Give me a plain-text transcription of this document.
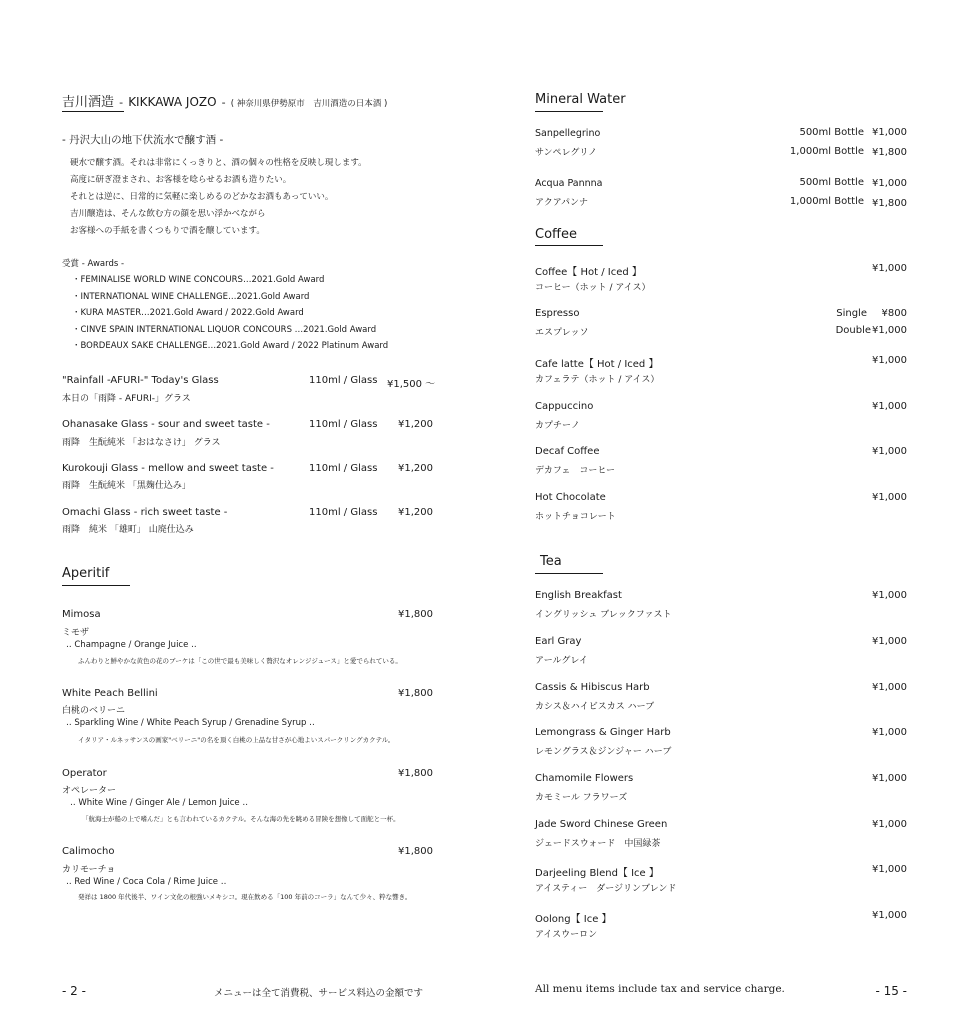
吉川酒造 - KIKKAWA JOZO - ( 神奈川県伊勢原市　吉川酒造の日本酒 )
- 丹沢大山の地下伏流水で醸す酒 -
硬水で醸す酒。それは非常にくっきりと、酒の個々の性格を反映し現します。
高度に研ぎ澄まされ、お客様を唸らせるお酒も造りたい。
それとは逆に、日常的に気軽に楽しめるのどかなお酒もあっていい。
吉川醸造は、そんな飲む方の顔を思い浮かべながら
お客様への手紙を書くつもりで酒を醸しています。
受賞 - Awards -
・FEMINALISE WORLD WINE CONCOURS…2021.Gold Award
・INTERNATIONAL WINE CHALLENGE…2021.Gold Award
・KURA MASTER…2021.Gold Award / 2022.Gold Award
・CINVE SPAIN INTERNATIONAL LIQUOR CONCOURS …2021.Gold Award
・BORDEAUX SAKE CHALLENGE…2021.Gold Award / 2022 Platinum Award
"Rainfall -AFURI-" Today's Glass	110ml / Glass ¥1,500 ～
本日の「雨降 - AFURI-」グラス
Ohanasake Glass - sour and sweet taste -	110ml / Glass ¥1,200
雨降　生酛純米 「おはなさけ」 グラス
Kurokouji Glass - mellow and sweet taste -	110ml / Glass ¥1,200
雨降　生酛純米 「黒麹仕込み」
Omachi Glass - rich sweet taste -	110ml / Glass ¥1,200
雨降　純米 「雄町」 山廃仕込み
Aperitif
Mimosa	¥1,800
ミモザ
‥ Champagne / Orange Juice ‥
ふんわりと鮮やかな黄色の花のブーケは「この世で最も美味しく贅沢なオレンジジュース」と愛でられている。
White Peach Bellini	¥1,800
白桃のベリーニ
‥ Sparkling Wine / White Peach Syrup / Grenadine Syrup ‥
イタリア・ルネッサンスの画家"ベリーニ"の名を頂く白桃の上品な甘さが心地よいスパークリングカクテル。
Operator	¥1,800
オペレーター
‥ White Wine / Ginger Ale / Lemon Juice ‥
「航海士が船の上で嗜んだ」とも言われているカクテル。そんな海の先を眺める冒険を想像して面舵と一杯。
Calimocho	¥1,800
カリモーチョ
‥ Red Wine / Coca Cola / Rime Juice ‥
発祥は 1800 年代後半、ワイン文化の根強いメキシコ。現在飲める「100 年前のコーラ」なんて少々、粋な響き。
- 2 -	メニューは全て消費税、サービス料込の金額です
Mineral Water
Sanpellegrino
サンペレグリノ
500ml Bottle ¥1,000
1,000ml Bottle ¥1,800
Acqua Pannna
アクアパンナ
500ml Bottle ¥1,000
1,000ml Bottle ¥1,800
Coffee
Coffee【 Hot / Iced 】
コーヒー（ホット / アイス）
¥1,000
Espresso
エスプレッソ
Single ¥800
Double ¥1,000
Cafe latte【 Hot / Iced 】
カフェラテ（ホット / アイス）
¥1,000
Cappuccino
カプチーノ
¥1,000
Decaf Coffee
デカフェ　コーヒー
¥1,000
Hot Chocolate
ホットチョコレート
¥1,000
Tea
English Breakfast
イングリッシュ ブレックファスト
¥1,000
Earl Gray
アールグレイ
¥1,000
Cassis & Hibiscus Harb
カシス＆ハイビスカス ハーブ
¥1,000
Lemongrass & Ginger Harb
レモングラス＆ジンジャー ハーブ
¥1,000
Chamomile Flowers
カモミール フラワーズ
¥1,000
Jade Sword Chinese Green
ジェードスウォード　中国緑茶
¥1,000
Darjeeling Blend【 Ice 】
アイスティー　ダージリンブレンド
¥1,000
Oolong【 Ice 】
アイスウーロン
¥1,000
All menu items include tax and service charge.	- 15 -
